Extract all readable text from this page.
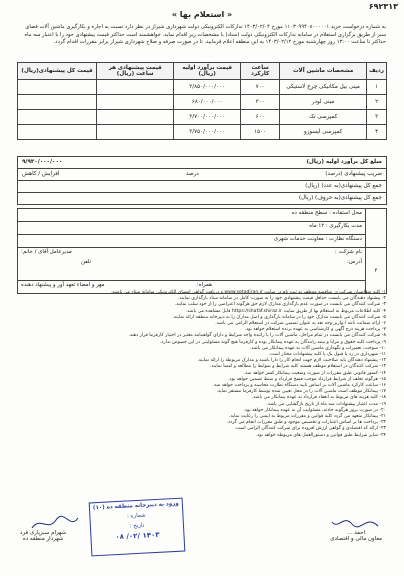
۶۹۲۳۱۳
« استعلام بها »
به شماره درخواست خرید ۱۱۰۳۰۹۹۴۰۸۰۰۰۰۰۱ مورخ ۱۴۰۳/۰۲/۰۴ تدارکات الکترونیکی دولت شهرداری شیراز در نظر دارد نسبت به اجاره و بکارگیری ماشین آلات فضای سبز از طریق برگزاری استعلام در سامانه تدارکات الکترونیکی دولت (ستاد) با مشخصات زیر اقدام نماید. خواهشمند است حداکثر قیمت پیشنهادی خود را با اعتبار سه ماه حداکثر تا ساعت ۱۳:۰۰ روز چهارشنبه مورخ ۱۴۰۳/۰۲/۱۲ به این منطقه اعلام فرمایید. تا در صورت صرفه و صلاح شهرداری شیراز برابر مقررات اقدام گردد.
ردیف	مشخصات ماشین آلات	ساعت کارکرد	قیمت برآورد اولیه (ریال)	قیمت پیشنهادی هر ساعت (ریال)	قیمت کل پیشنهادی(ریال)
۱	مینی بیل مکانیکی چرخ لاستیکی	۷۰۰	۳/۸۵۰/۰۰۰/۰۰۰		
۲	مینی لودر	۳۰۰	۶۸۰/۰۰۰/۰۰۰		
۳	کمپرسی تک	۶۰۰	۳/۷۰۰/۰۰۰/۰۰۰		
۴	کمپرسی ایسوزو	۱۵۰۰	۳/۷۵۰/۰۰۰/۰۰۰		
مبلغ کل برآورد اولیه (ریال)
۹/۹۳۰/۰۰۰/۰۰۰
ضریب پیشنهادی (درصد)
درصد
افزایش / کاهش
جمع کل پیشنهادی(به عدد) (ریال)
جمع کل پیشنهادی(به حروف) (ریال)
	محل استفاده : سطح منطقه ده
	مدت بکارگیری : ۱۲ ماه
	دستگاه نظارت : معاونت خدمات شهری
۴	نام شرکت :
مدیرعامل آقای / خانم:
آدرس:
تلفن

	همراه:
مهر و امضاء تعهد آور و پیشنهاد دهنده

۱- کلیه متقاضیان شرکت در مناقصه موظف به ثبت نام در سایت www.setadiran.ir و دریافت گواهی امضای الکترونیکی سامانه ستاد می باشند.

۲- پیشنهاد دهندگان می بایست حداقل قیمت پیشنهادی خود را به صورت کامل در سامانه ستاد بارگذاری نمایند.

۳- شرکت کنندگان می بایست در صورت عدم بارگذاری مدارک لازم حق هرگونه اعتراضی را از خود سلب نمایند.

۴- کلیه اطلاعات مربوط به استعلام بها از طریق سایت https://shafaf.shiraz.ir قابل مشاهده می باشد.

۵- شرکت کنندگان می بایست مدارک خود را در سامانه بارگذاری و اصل مدارک را به دبیرخانه منطقه ارائه نمایند.

۶- ارائه ضمانت نامه / واریز وجه نقد به عنوان تضمین شرکت در استعلام الزامی می باشد.

۷- پرداخت هزینه درج آگهی و کارشناسی به عهده برنده استعلام خواهد بود.

۸- شرکت کنندگان می بایست در تمام مراحل، ماشین آلات را با راننده واجد شرایط و دارای گواهینامه معتبر در اختیار کارفرما قرار دهند.

۹- پرداخت کلیه حقوق و مزایا و بیمه رانندگان به عهده پیمانکار بوده و کارفرما هیچ گونه مسئولیتی در این خصوص ندارد.

۱۰- سوخت، تعمیرات و نگهداری ماشین آلات به عهده پیمانکار می باشد.

۱۱- شهرداری در رد یا قبول یک یا کلیه پیشنهادات مختار است.

۱۲- پیشنهاد دهندگان باید صلاحیت لازم جهت انجام کار را دارا باشند و مدارک مربوطه را ارائه نمایند.

۱۳- شرکت کنندگان در استعلام موظف هستند کلیه شرایط و ضوابط را مطالعه و امضا نمایند.

۱۴- کسور قانونی طبق مقررات از صورت وضعیت پیمانکار کسر خواهد شد.

۱۵- هرگونه تخلف از شرایط قرارداد موجب فسخ قرارداد و ضبط تضمین خواهد بود.

۱۶- ساعت کارکرد ماشین آلات بر اساس تایید دستگاه نظارت محاسبه و پرداخت خواهد شد.

۱۷- پیمانکار موظف است ماشین آلات را در محل تعیین شده توسط کارفرما مستقر نماید.

۱۸- کلیه هزینه های مربوط به انعقاد قرارداد به عهده پیمانکار می باشد.

۱۹- مدت اعتبار پیشنهادات سه ماه از تاریخ بازگشایی می باشد.

۲۰- در صورت بروز هرگونه حادثه، مسئولیت آن به عهده پیمانکار خواهد بود.

۲۱- پیمانکار متعهد می گردد کلیه قوانین و مقررات مربوط به ایمنی را رعایت نماید.

۲۲- پرداخت ها بر اساس اعتبارات و تخصیص موجود و طبق مقررات انجام می گردد.

۲۳- ارائه کد اقتصادی و گواهی ارزش افزوده برای شرکت کنندگان الزامی است.

۲۴- سایر شرایط طبق قوانین و دستورالعمل های مربوطه خواهد بود.

ورود به دبیرخانه منطقه ده (۱۰)
شماره :
تاریخ :
۱۴۰۳ /۰۲/ ۰۸
شهرام سبزپاری فرد
شهردار منطقه ده
احمد ...
معاون مالی و اقتصادی
